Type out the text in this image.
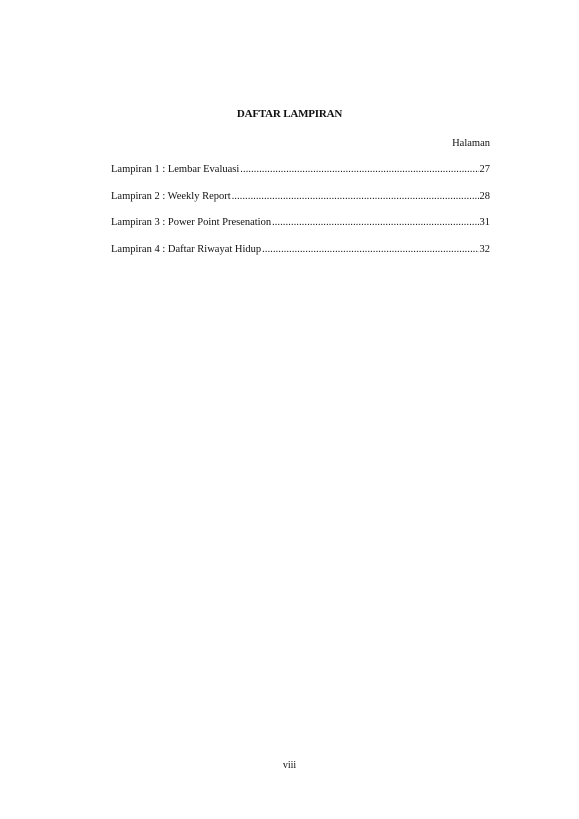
DAFTAR LAMPIRAN
Halaman
Lampiran 1 : Lembar Evaluasi .....	27
Lampiran 2 : Weekly Report .....	28
Lampiran 3 : Power Point Presenation .....	31
Lampiran 4 : Daftar Riwayat Hidup .....	32
viii
